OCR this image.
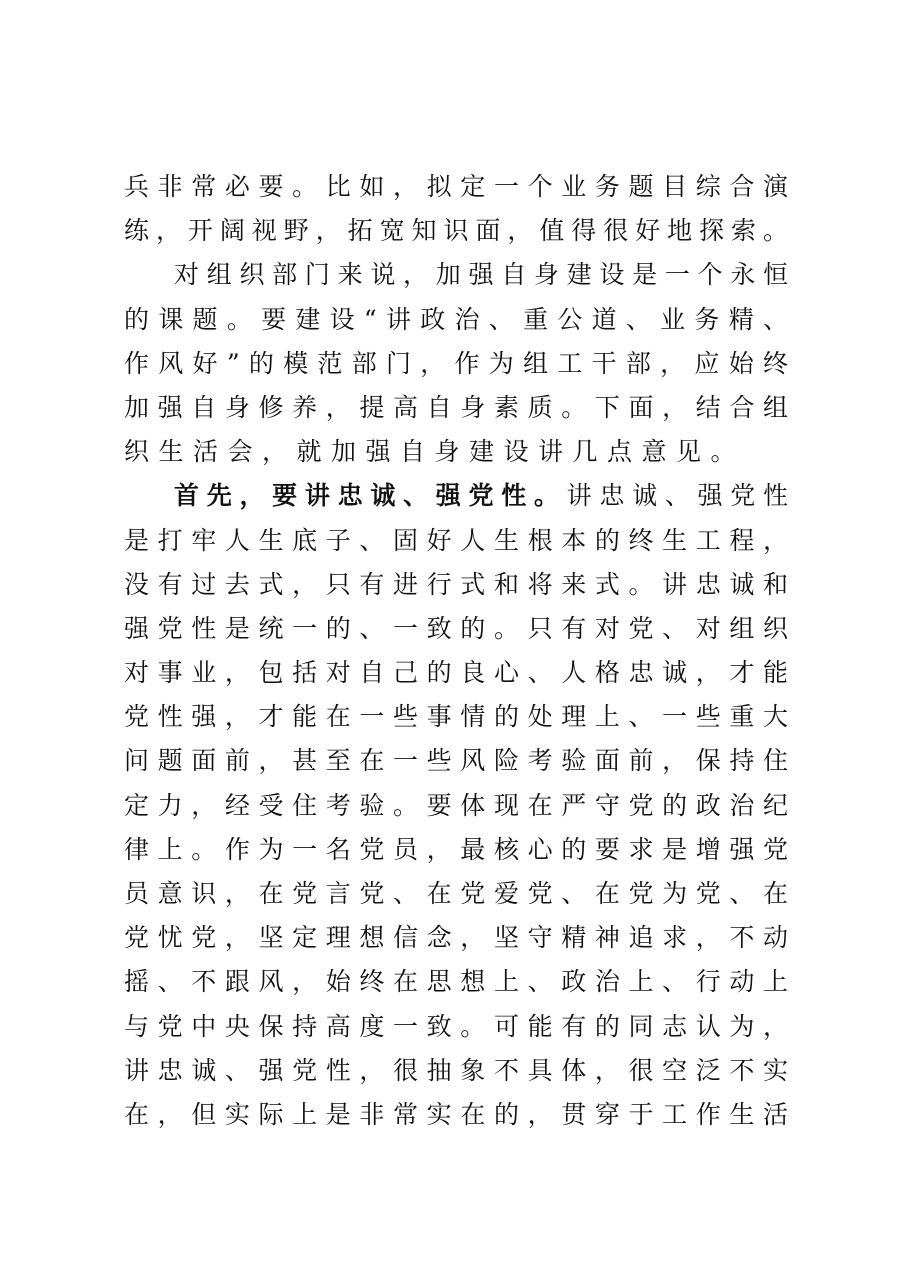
兵非常必要。比如，拟定一个业务题目综合演
练，开阔视野，拓宽知识面，值得很好地探索。
对组织部门来说，加强自身建设是一个永恒
的课题。要建设“讲政治、重公道、业务精、
作风好”的模范部门，作为组工干部，应始终
加强自身修养，提高自身素质。下面，结合组
织生活会，就加强自身建设讲几点意见。
首先，要讲忠诚、强党性。讲忠诚、强党性
是打牢人生底子、固好人生根本的终生工程，
没有过去式，只有进行式和将来式。讲忠诚和
强党性是统一的、一致的。只有对党、对组织
对事业，包括对自己的良心、人格忠诚，才能
党性强，才能在一些事情的处理上、一些重大
问题面前，甚至在一些风险考验面前，保持住
定力，经受住考验。要体现在严守党的政治纪
律上。作为一名党员，最核心的要求是增强党
员意识，在党言党、在党爱党、在党为党、在
党忧党，坚定理想信念，坚守精神追求，不动
摇、不跟风，始终在思想上、政治上、行动上
与党中央保持高度一致。可能有的同志认为，
讲忠诚、强党性，很抽象不具体，很空泛不实
在，但实际上是非常实在的，贯穿于工作生活
